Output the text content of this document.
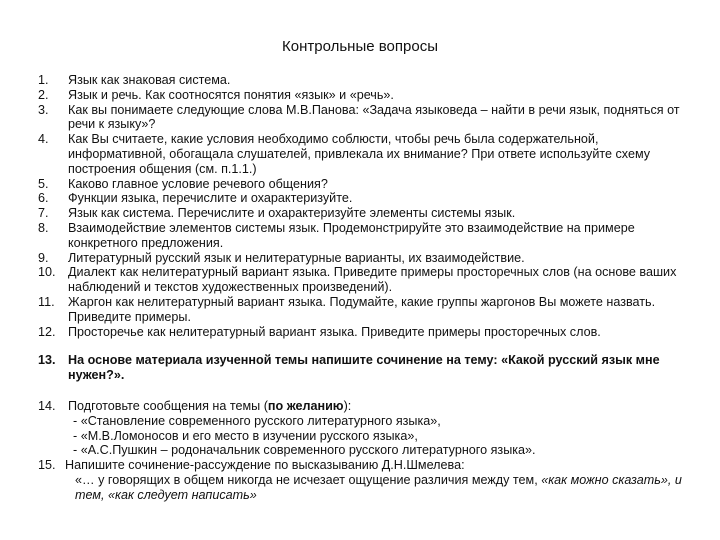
Контрольные вопросы
1. Язык как знаковая система.
2. Язык и речь. Как соотносятся понятия «язык» и «речь».
3. Как вы понимаете следующие слова М.В.Панова: «Задача языковеда – найти в речи язык, подняться от речи к языку»?
4. Как Вы считаете, какие условия необходимо соблюсти, чтобы речь была содержательной, информативной, обогащала слушателей, привлекала их внимание? При ответе используйте схему построения общения (см. п.1.1.)
5. Каково главное условие речевого общения?
6. Функции языка, перечислите и охарактеризуйте.
7. Язык как система. Перечислите и охарактеризуйте элементы системы язык.
8. Взаимодействие элементов системы язык. Продемонстрируйте это взаимодействие на примере конкретного предложения.
9. Литературный русский язык и нелитературные варианты, их взаимодействие.
10. Диалект как нелитературный вариант языка. Приведите примеры просторечных слов (на основе ваших наблюдений и текстов художественных произведений).
11. Жаргон как нелитературный вариант языка. Подумайте, какие группы жаргонов Вы можете назвать. Приведите примеры.
12. Просторечье как нелитературный вариант языка. Приведите примеры просторечных слов.
13. На основе материала изученной темы напишите сочинение на тему: «Какой русский язык мне нужен?».
14. Подготовьте сообщения на темы (по желанию):
- «Становление современного русского литературного языка»,
- «М.В.Ломоносов и его место в изучении русского языка»,
- «А.С.Пушкин – родоначальник современного русского литературного языка».
15. Напишите сочинение-рассуждение по высказыванию Д.Н.Шмелева:
«… у говорящих в общем никогда не исчезает ощущение различия между тем, «как можно сказать», и тем, «как следует написать»
